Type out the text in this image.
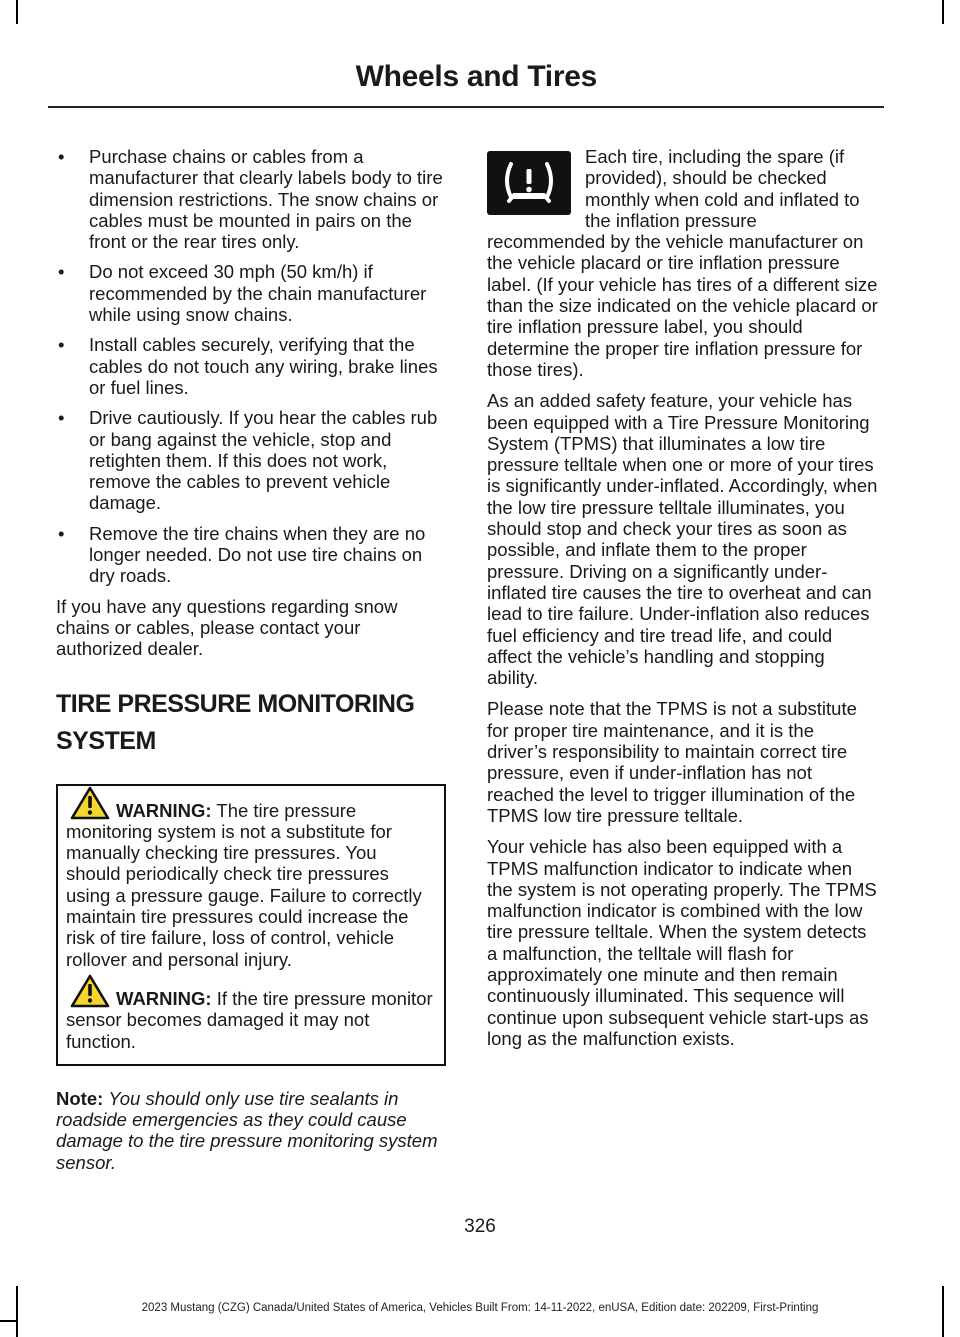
Wheels and Tires
• Purchase chains or cables from a manufacturer that clearly labels body to tire dimension restrictions. The snow chains or cables must be mounted in pairs on the front or the rear tires only.
• Do not exceed 30 mph (50 km/h) if recommended by the chain manufacturer while using snow chains.
• Install cables securely, verifying that the cables do not touch any wiring, brake lines or fuel lines.
• Drive cautiously. If you hear the cables rub or bang against the vehicle, stop and retighten them. If this does not work, remove the cables to prevent vehicle damage.
• Remove the tire chains when they are no longer needed. Do not use tire chains on dry roads.

If you have any questions regarding snow chains or cables, please contact your authorized dealer.

TIRE PRESSURE MONITORING SYSTEM

WARNING: The tire pressure monitoring system is not a substitute for manually checking tire pressures. You should periodically check tire pressures using a pressure gauge. Failure to correctly maintain tire pressures could increase the risk of tire failure, loss of control, vehicle rollover and personal injury.

WARNING: If the tire pressure monitor sensor becomes damaged it may not function.

Note: You should only use tire sealants in roadside emergencies as they could cause damage to the tire pressure monitoring system sensor.

Each tire, including the spare (if provided), should be checked monthly when cold and inflated to the inflation pressure recommended by the vehicle manufacturer on the vehicle placard or tire inflation pressure label. (If your vehicle has tires of a different size than the size indicated on the vehicle placard or tire inflation pressure label, you should determine the proper tire inflation pressure for those tires).

As an added safety feature, your vehicle has been equipped with a Tire Pressure Monitoring System (TPMS) that illuminates a low tire pressure telltale when one or more of your tires is significantly under-inflated. Accordingly, when the low tire pressure telltale illuminates, you should stop and check your tires as soon as possible, and inflate them to the proper pressure. Driving on a significantly under-inflated tire causes the tire to overheat and can lead to tire failure. Under-inflation also reduces fuel efficiency and tire tread life, and could affect the vehicle’s handling and stopping ability.

Please note that the TPMS is not a substitute for proper tire maintenance, and it is the driver’s responsibility to maintain correct tire pressure, even if under-inflation has not reached the level to trigger illumination of the TPMS low tire pressure telltale.

Your vehicle has also been equipped with a TPMS malfunction indicator to indicate when the system is not operating properly. The TPMS malfunction indicator is combined with the low tire pressure telltale. When the system detects a malfunction, the telltale will flash for approximately one minute and then remain continuously illuminated. This sequence will continue upon subsequent vehicle start-ups as long as the malfunction exists.

326

2023 Mustang (CZG) Canada/United States of America, Vehicles Built From: 14-11-2022, enUSA, Edition date: 202209, First-Printing
